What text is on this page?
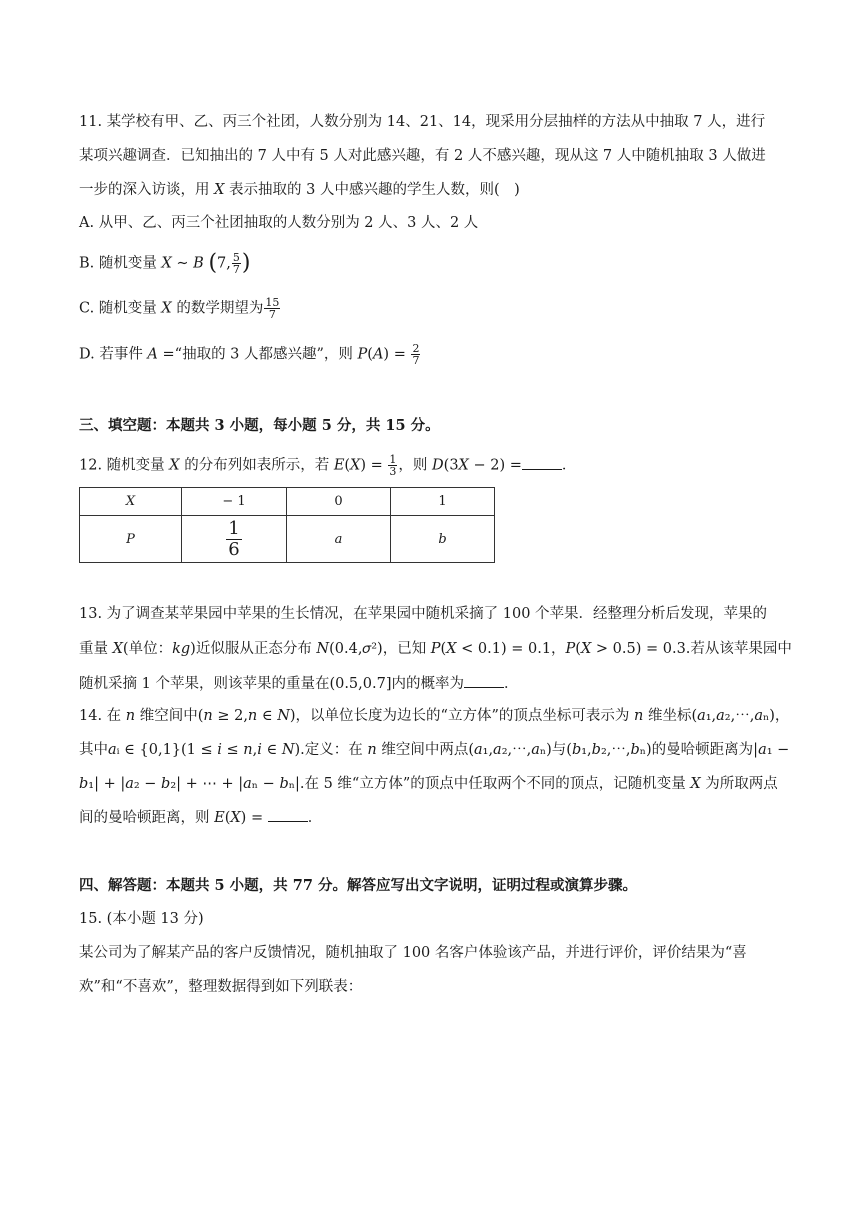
11. 某学校有甲、乙、丙三个社团，人数分别为 14、21、14，现采用分层抽样的方法从中抽取 7 人，进行
某项兴趣调查．已知抽出的 7 人中有 5 人对此感兴趣，有 2 人不感兴趣，现从这 7 人中随机抽取 3 人做进
一步的深入访谈，用 𝑋 表示抽取的 3 人中感兴趣的学生人数，则(　)
A. 从甲、乙、丙三个社团抽取的人数分别为 2 人、3 人、2 人
B. 随机变量 𝑋 ∼ 𝐵 (7, $\frac{5}{7}$ )
C. 随机变量 𝑋 的数学期望为 $\frac{15}{7}$
D. 若事件 𝐴 =“抽取的 3 人都感兴趣”，则 𝑃(𝐴) = $\frac{2}{7}$
三、填空题：本题共 3 小题，每小题 5 分，共 15 分。
12. 随机变量 𝑋 的分布列如表所示，若 𝐸(𝑋) = $\frac{1}{3}$ ，则 𝐷(3𝑋 − 2) =	．
𝑋	− 1	0	1
𝑃	$\frac{1}{6}$	𝑎	𝑏
13. 为了调查某苹果园中苹果的生长情况，在苹果园中随机采摘了 100 个苹果．经整理分析后发现，苹果的
重量 𝑋(单位：𝑘𝑔)近似服从正态分布 𝑁(0.4,𝜎²)，已知 𝑃(𝑋 < 0.1) = 0.1，𝑃(𝑋 > 0.5) = 0.3.若从该苹果园中
随机采摘 1 个苹果，则该苹果的重量在(0.5,0.7]内的概率为	．
14. 在 𝑛 维空间中(𝑛 ≥ 2,𝑛 ∈ 𝑁)，以单位长度为边长的“立方体”的顶点坐标可表示为 𝑛 维坐标(𝑎₁,𝑎₂,⋯,𝑎ₙ)，
其中𝑎ᵢ ∈ {0,1}(1 ≤ 𝑖 ≤ 𝑛,𝑖 ∈ 𝑁).定义：在 𝑛 维空间中两点(𝑎₁,𝑎₂,⋯,𝑎ₙ)与(𝑏₁,𝑏₂,⋯,𝑏ₙ)的曼哈顿距离为|𝑎₁ −
𝑏₁| + |𝑎₂ − 𝑏₂| + ⋯ + |𝑎ₙ − 𝑏ₙ|.在 5 维“立方体”的顶点中任取两个不同的顶点，记随机变量 𝑋 为所取两点
间的曼哈顿距离，则 𝐸(𝑋) =	．
四、解答题：本题共 5 小题，共 77 分。解答应写出文字说明，证明过程或演算步骤。
15. (本小题 13 分)
某公司为了解某产品的客户反馈情况，随机抽取了 100 名客户体验该产品，并进行评价，评价结果为“喜
欢”和“不喜欢”，整理数据得到如下列联表：
